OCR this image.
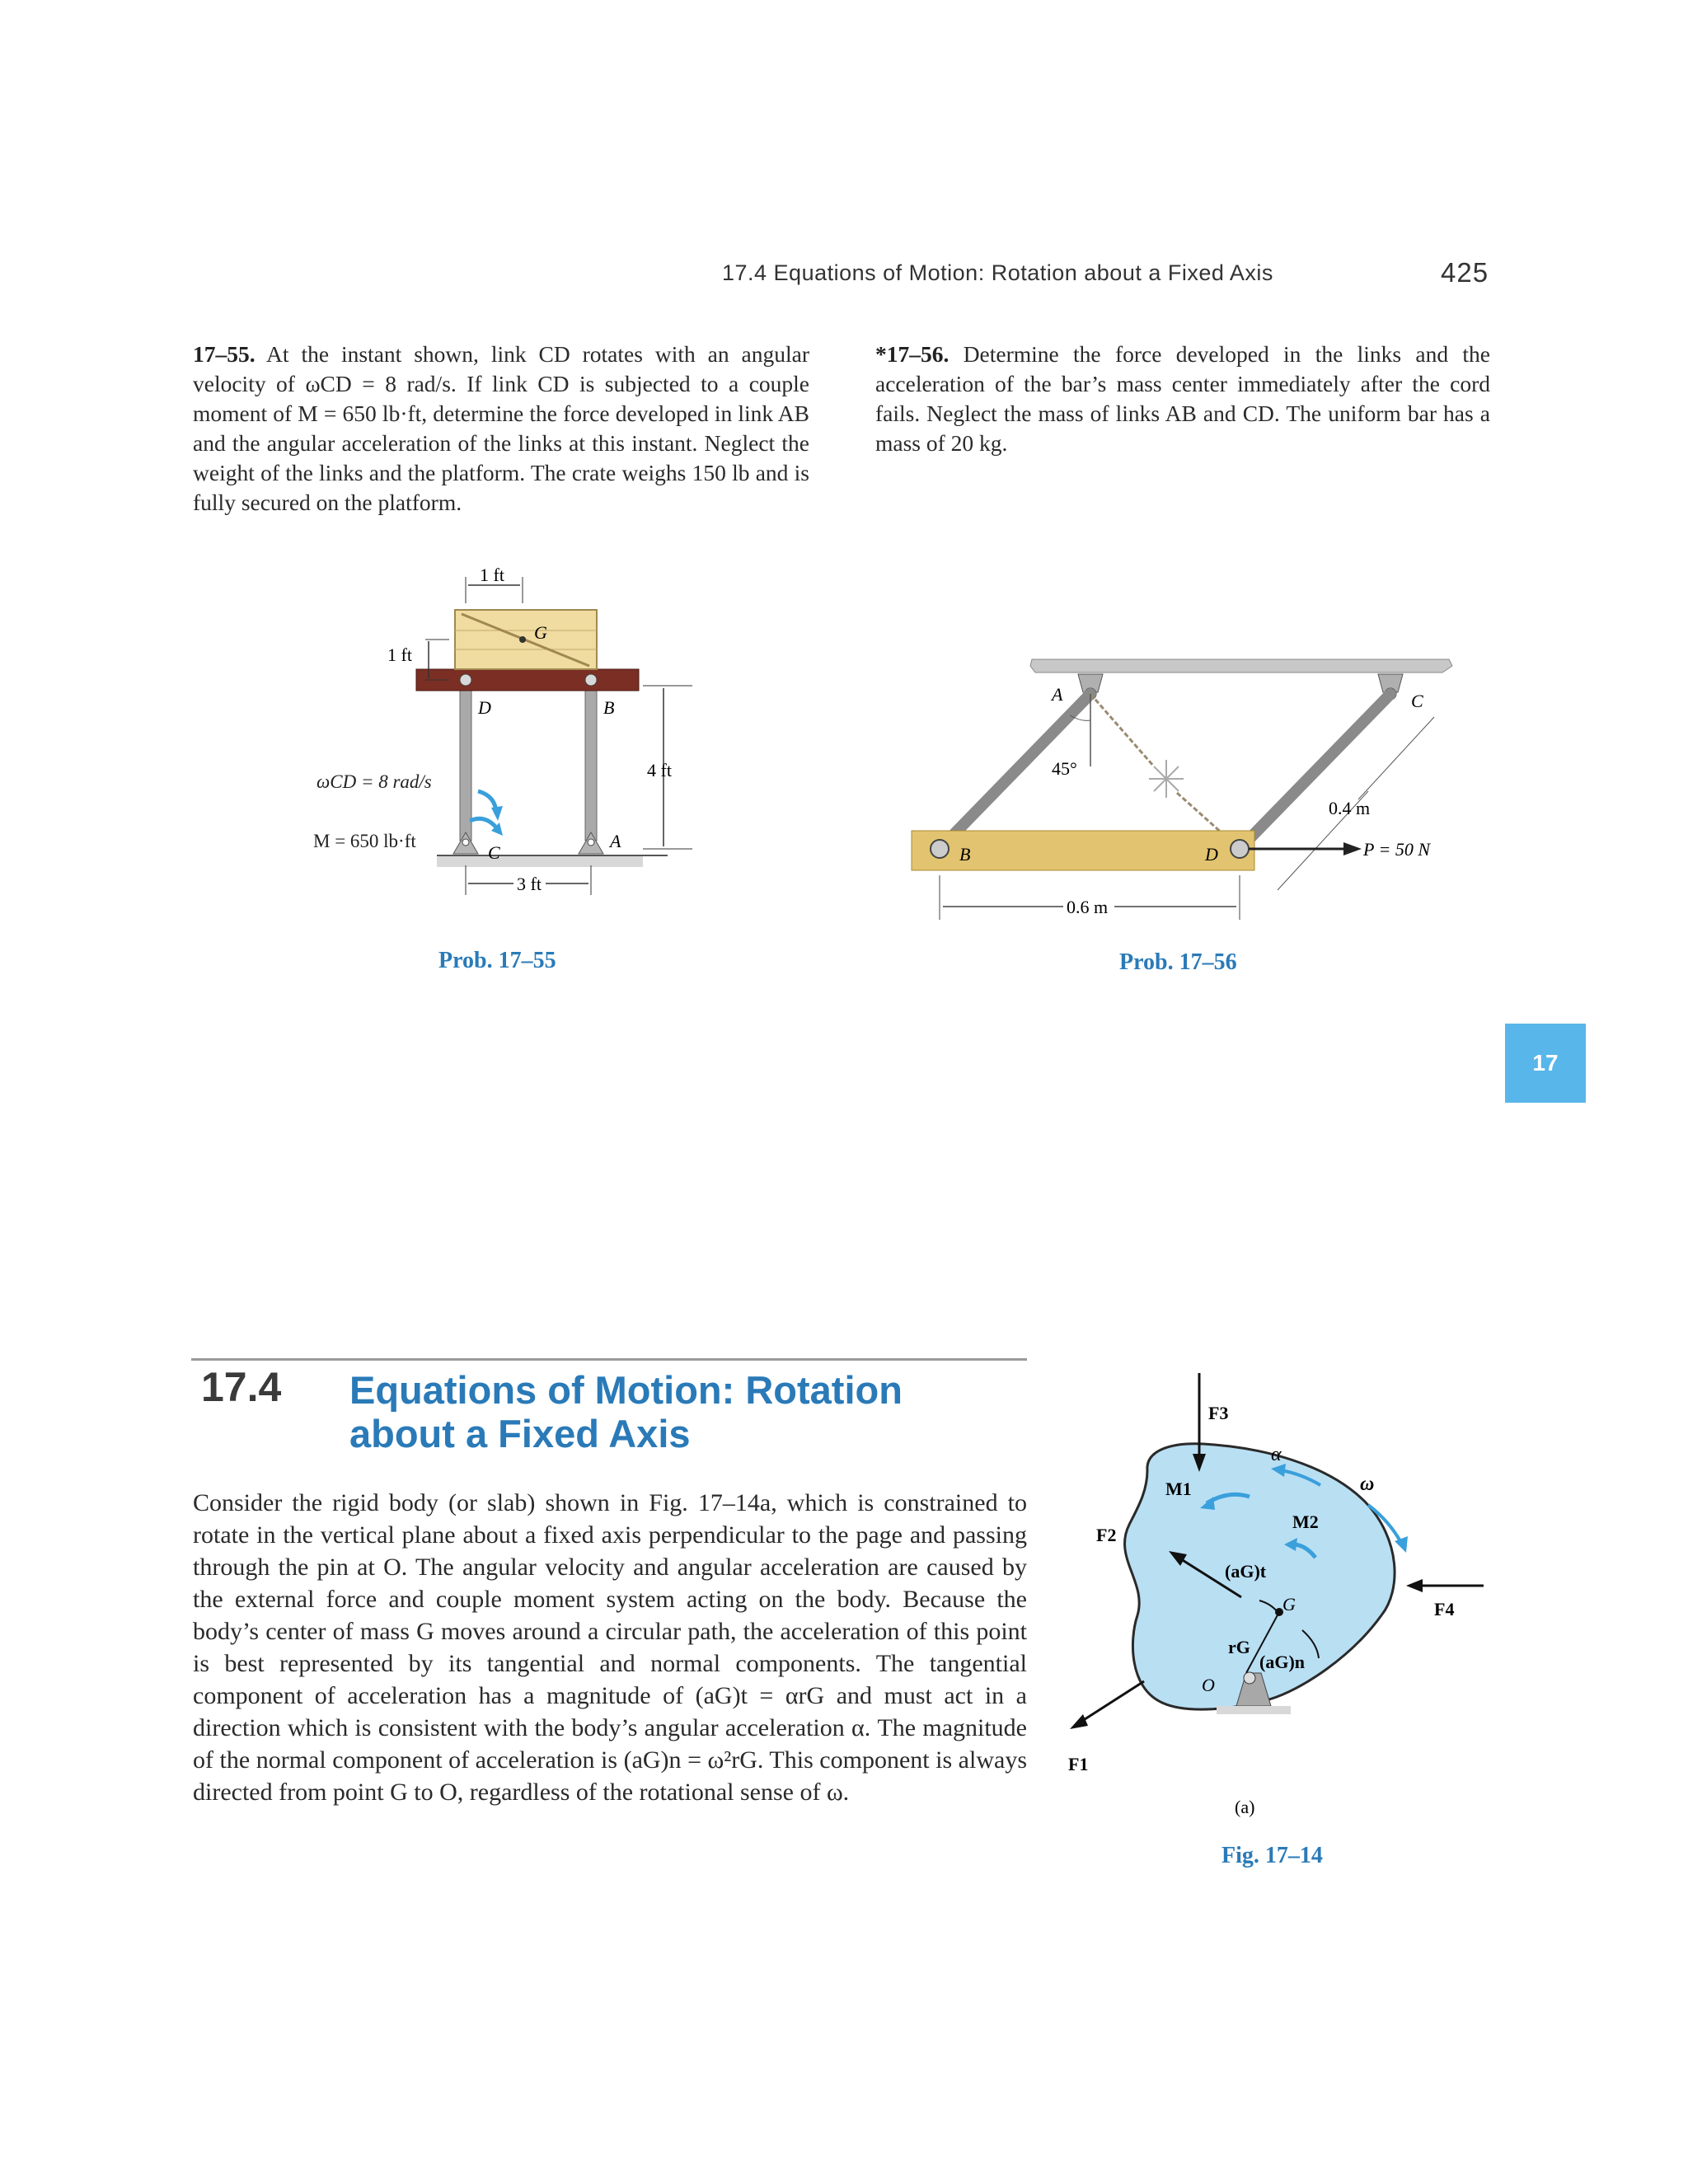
17.4 Equations of Motion: Rotation about a Fixed Axis	425
17–55. At the instant shown, link CD rotates with an angular velocity of ωCD = 8 rad/s. If link CD is subjected to a couple moment of M = 650 lb·ft, determine the force developed in link AB and the angular acceleration of the links at this instant. Neglect the weight of the links and the platform. The crate weighs 150 lb and is fully secured on the platform.
*17–56. Determine the force developed in the links and the acceleration of the bar’s mass center immediately after the cord fails. Neglect the mass of links AB and CD. The uniform bar has a mass of 20 kg.
G
1 ft
1 ft
D	B
C
A
4 ft
3 ft
ωCD = 8 rad/s
M = 650 lb·ft
Prob. 17–55
A	C
B	D
45°
0.4 m
P = 50 N
0.6 m
Prob. 17–56
17
17.4 Equations of Motion: Rotation about a Fixed Axis
Consider the rigid body (or slab) shown in Fig. 17–14a, which is constrained to rotate in the vertical plane about a fixed axis perpendicular to the page and passing through the pin at O. The angular velocity and angular acceleration are caused by the external force and couple moment system acting on the body. Because the body’s center of mass G moves around a circular path, the acceleration of this point is best represented by its tangential and normal components. The tangential component of acceleration has a magnitude of (aG)t = αrG and must act in a direction which is consistent with the body’s angular acceleration α. The magnitude of the normal component of acceleration is (aG)n = ω²rG. This component is always directed from point G to O, regardless of the rotational sense of ω.
F3
M1
α
ω
M2
F2
F4
F1
(aG)t
G
rG
(aG)n
O
(a)
Fig. 17–14
